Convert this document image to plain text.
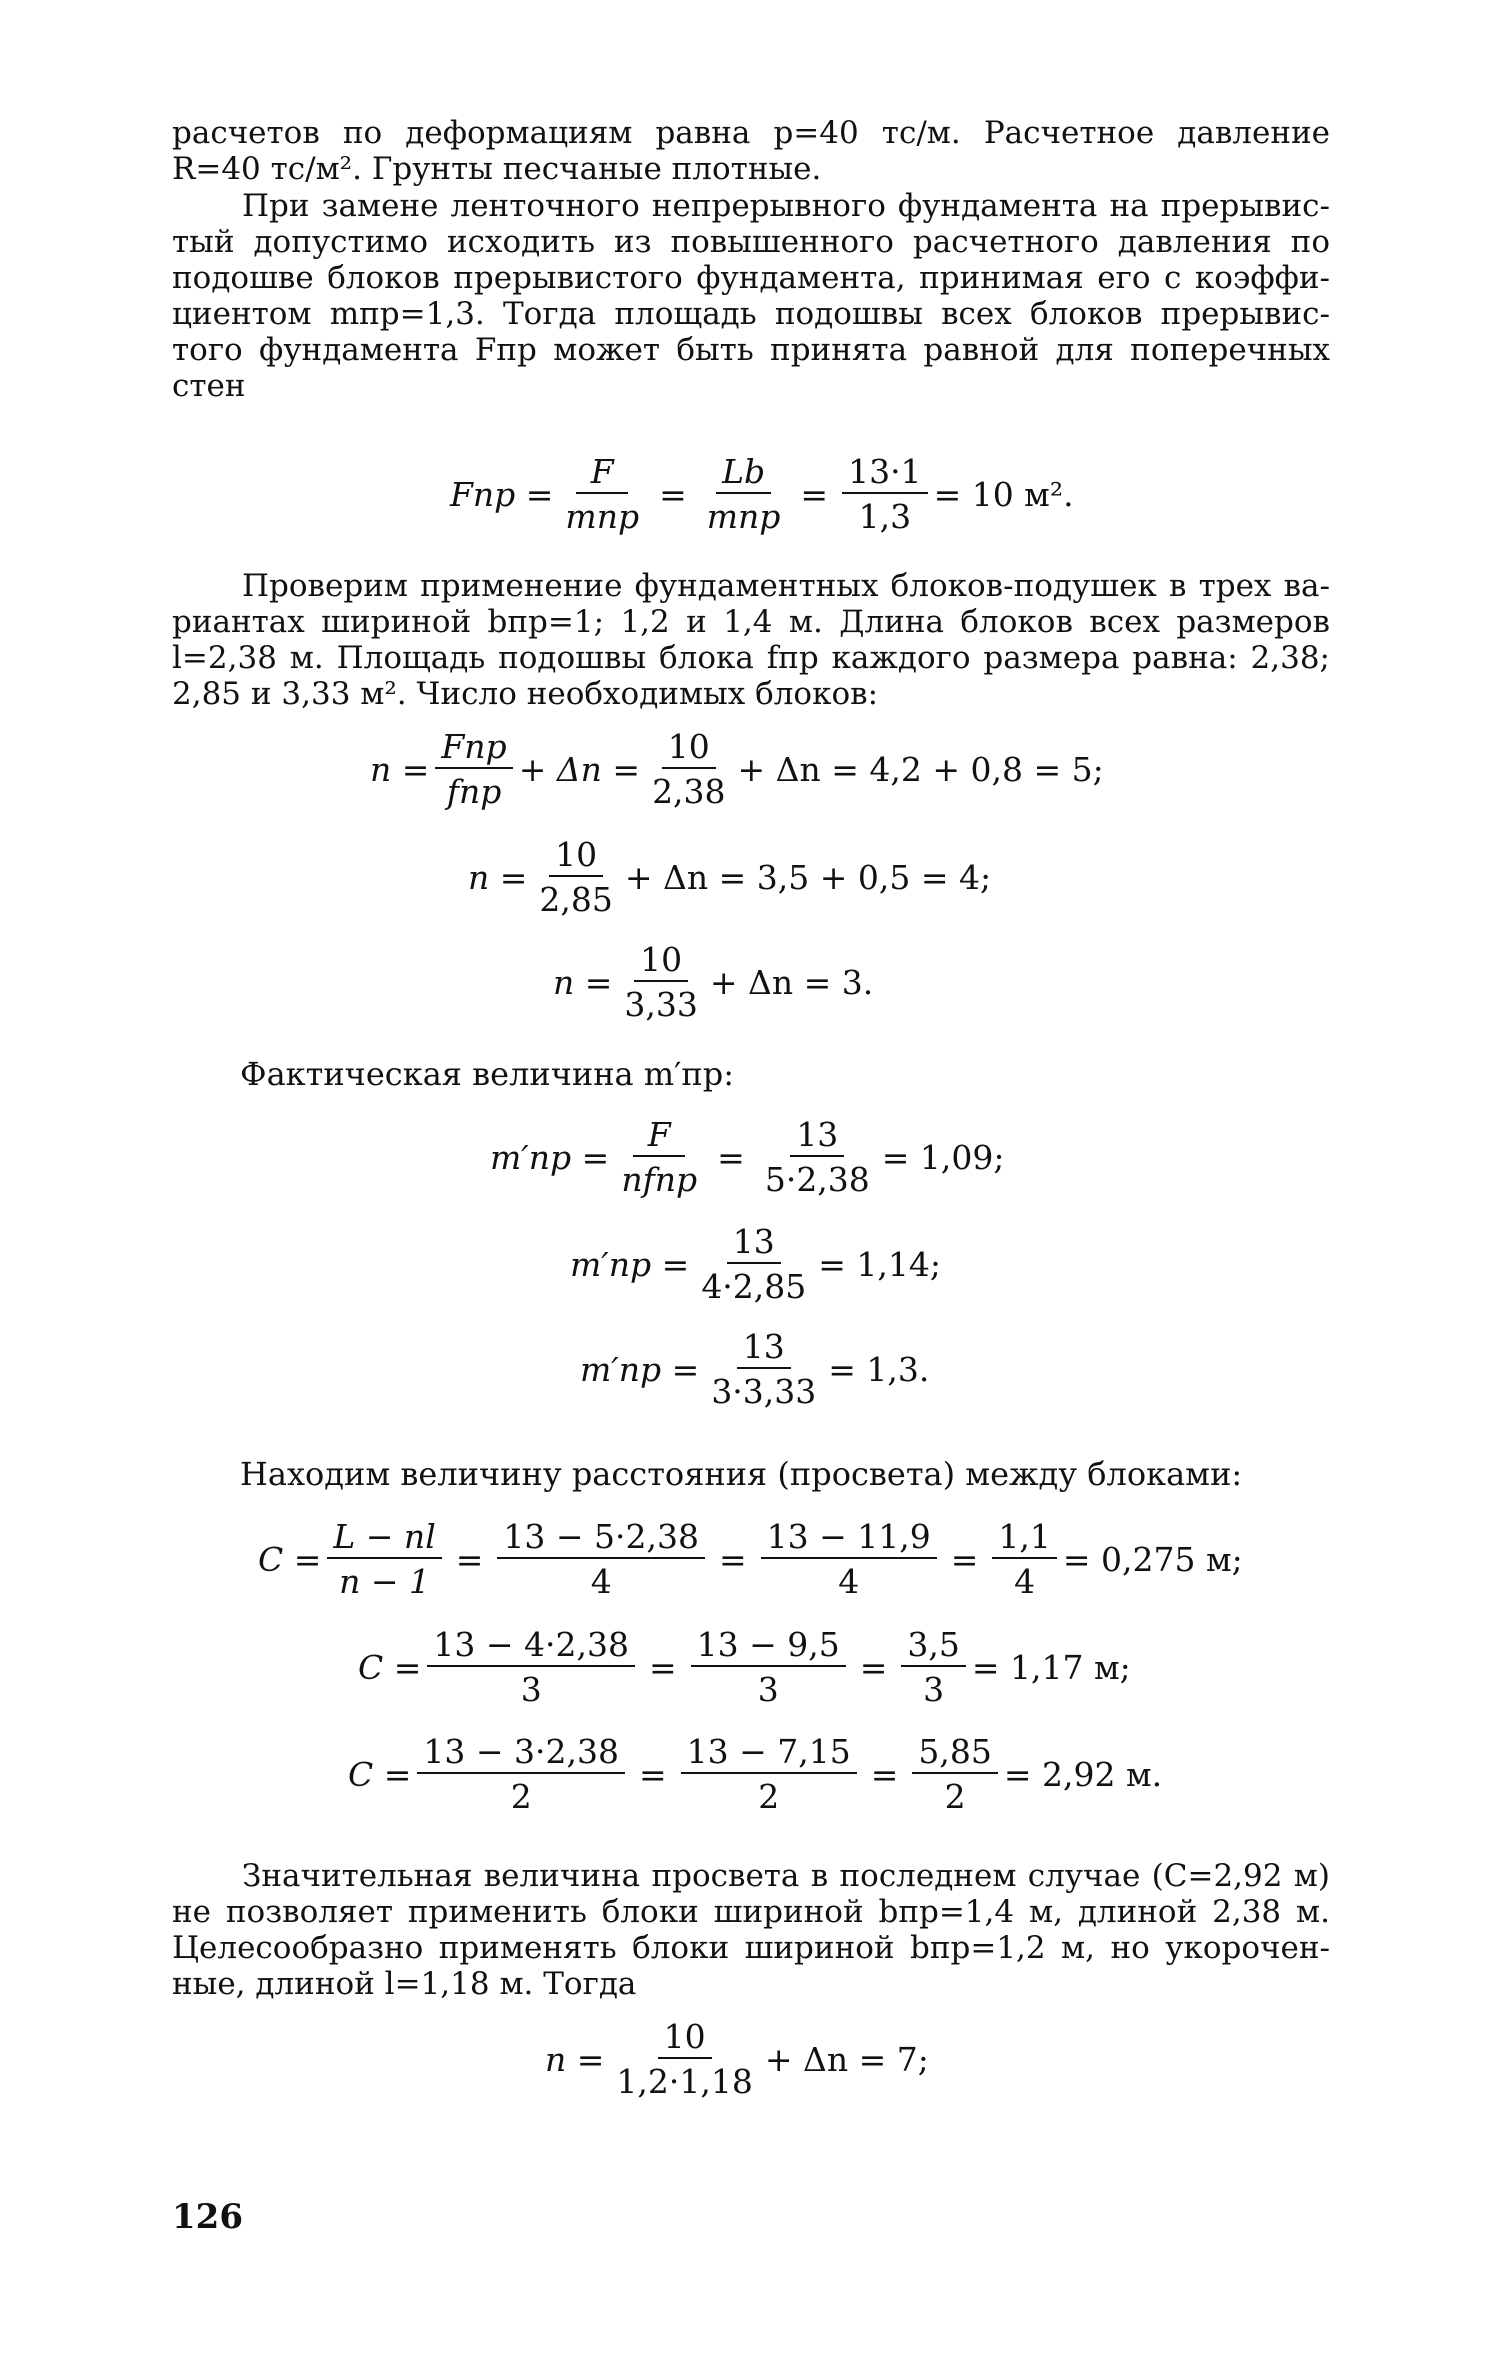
расчетов по деформациям равна p=40 тс/м. Расчетное давление
R=40 тс/м². Грунты песчаные плотные.
При замене ленточного непрерывного фундамента на прерывис-
тый допустимо исходить из повышенного расчетного давления по
подошве блоков прерывистого фундамента, принимая его с коэффи-
циентом mпр=1,3. Тогда площадь подошвы всех блоков прерывис-
того фундамента Fпр может быть принята равной для поперечных
стен
Fпр = $\frac{F}{\text{mпр}} = \frac{Lb}{\text{mпр}} = \frac{13\cdot 1}{1,3} = 10$ м².
Проверим применение фундаментных блоков-подушек в трех ва-
риантах шириной bпр=1; 1,2 и 1,4 м. Длина блоков всех размеров
l=2,38 м. Площадь подошвы блока fпр каждого размера равна: 2,38;
2,85 и 3,33 м². Число необходимых блоков:
$n = \frac{\text{Fпр}}{\text{fпр}} + \Delta n = \frac{10}{2,38} + \Delta n = 4,2 + 0,8 = 5$;
$n = \frac{10}{2,85} + \Delta n = 3,5 + 0,5 = 4$;
$n = \frac{10}{3,33} + \Delta n = 3$.
Фактическая величина m′пр:
$m'пр = \frac{F}{\text{nfпр}} = \frac{13}{5\cdot 2,38} = 1,09$;
$m'пр = \frac{13}{4\cdot 2,85} = 1,14$;
$m'пр = \frac{13}{3\cdot 3,33} = 1,3$.
Находим величину расстояния (просвета) между блоками:
$C = \frac{L - nl}{n - 1} = \frac{13 - 5\cdot 2,38}{4} = \frac{13 - 11,9}{4} = \frac{1,1}{4} = 0,275$ м;
$C = \frac{13 - 4\cdot 2,38}{3} = \frac{13 - 9,5}{3} = \frac{3,5}{3} = 1,17$ м;
$C = \frac{13 - 3\cdot 2,38}{2} = \frac{13 - 7,15}{2} = \frac{5,85}{2} = 2,92$ м.
Значительная величина просвета в последнем случае (C=2,92 м)
не позволяет применить блоки шириной bпр=1,4 м, длиной 2,38 м.
Целесообразно применять блоки шириной bпр=1,2 м, но укорочен-
ные, длиной l=1,18 м. Тогда
$n = \frac{10}{1,2\cdot 1,18} + \Delta n = 7$;
126
